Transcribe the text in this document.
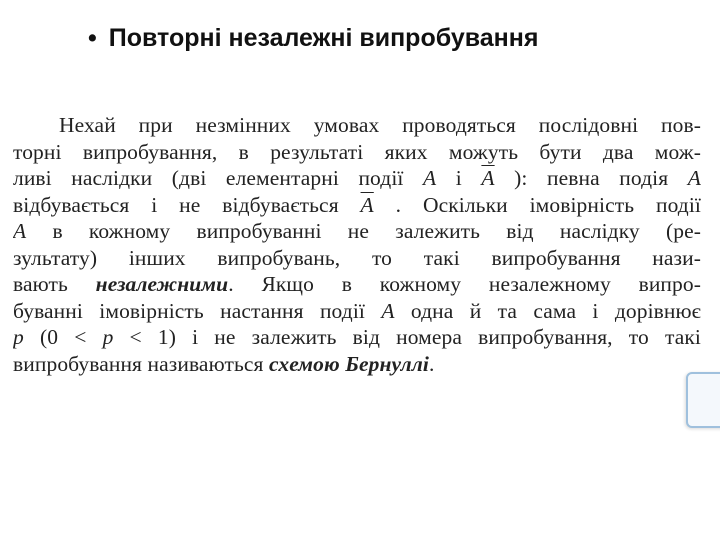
• Повторні незалежні випробування
Нехай при незмінних умовах проводяться послідовні пов-
торні випробування, в результаті яких можуть бути два мож-
ливі наслідки (дві елементарні події A і $\overline{A}$ ): певна подія A
відбувається і не відбувається $\overline{A}$ . Оскільки імовірність події
A в кожному випробуванні не залежить від наслідку (ре-
зультату) інших випробувань, то такі випробування нази-
вають незалежними. Якщо в кожному незалежному випро-
буванні імовірність настання події A одна й та сама і дорівнює
p (0 < p < 1) і не залежить від номера випробування, то такі
випробування називаються схемою Бернуллі.
